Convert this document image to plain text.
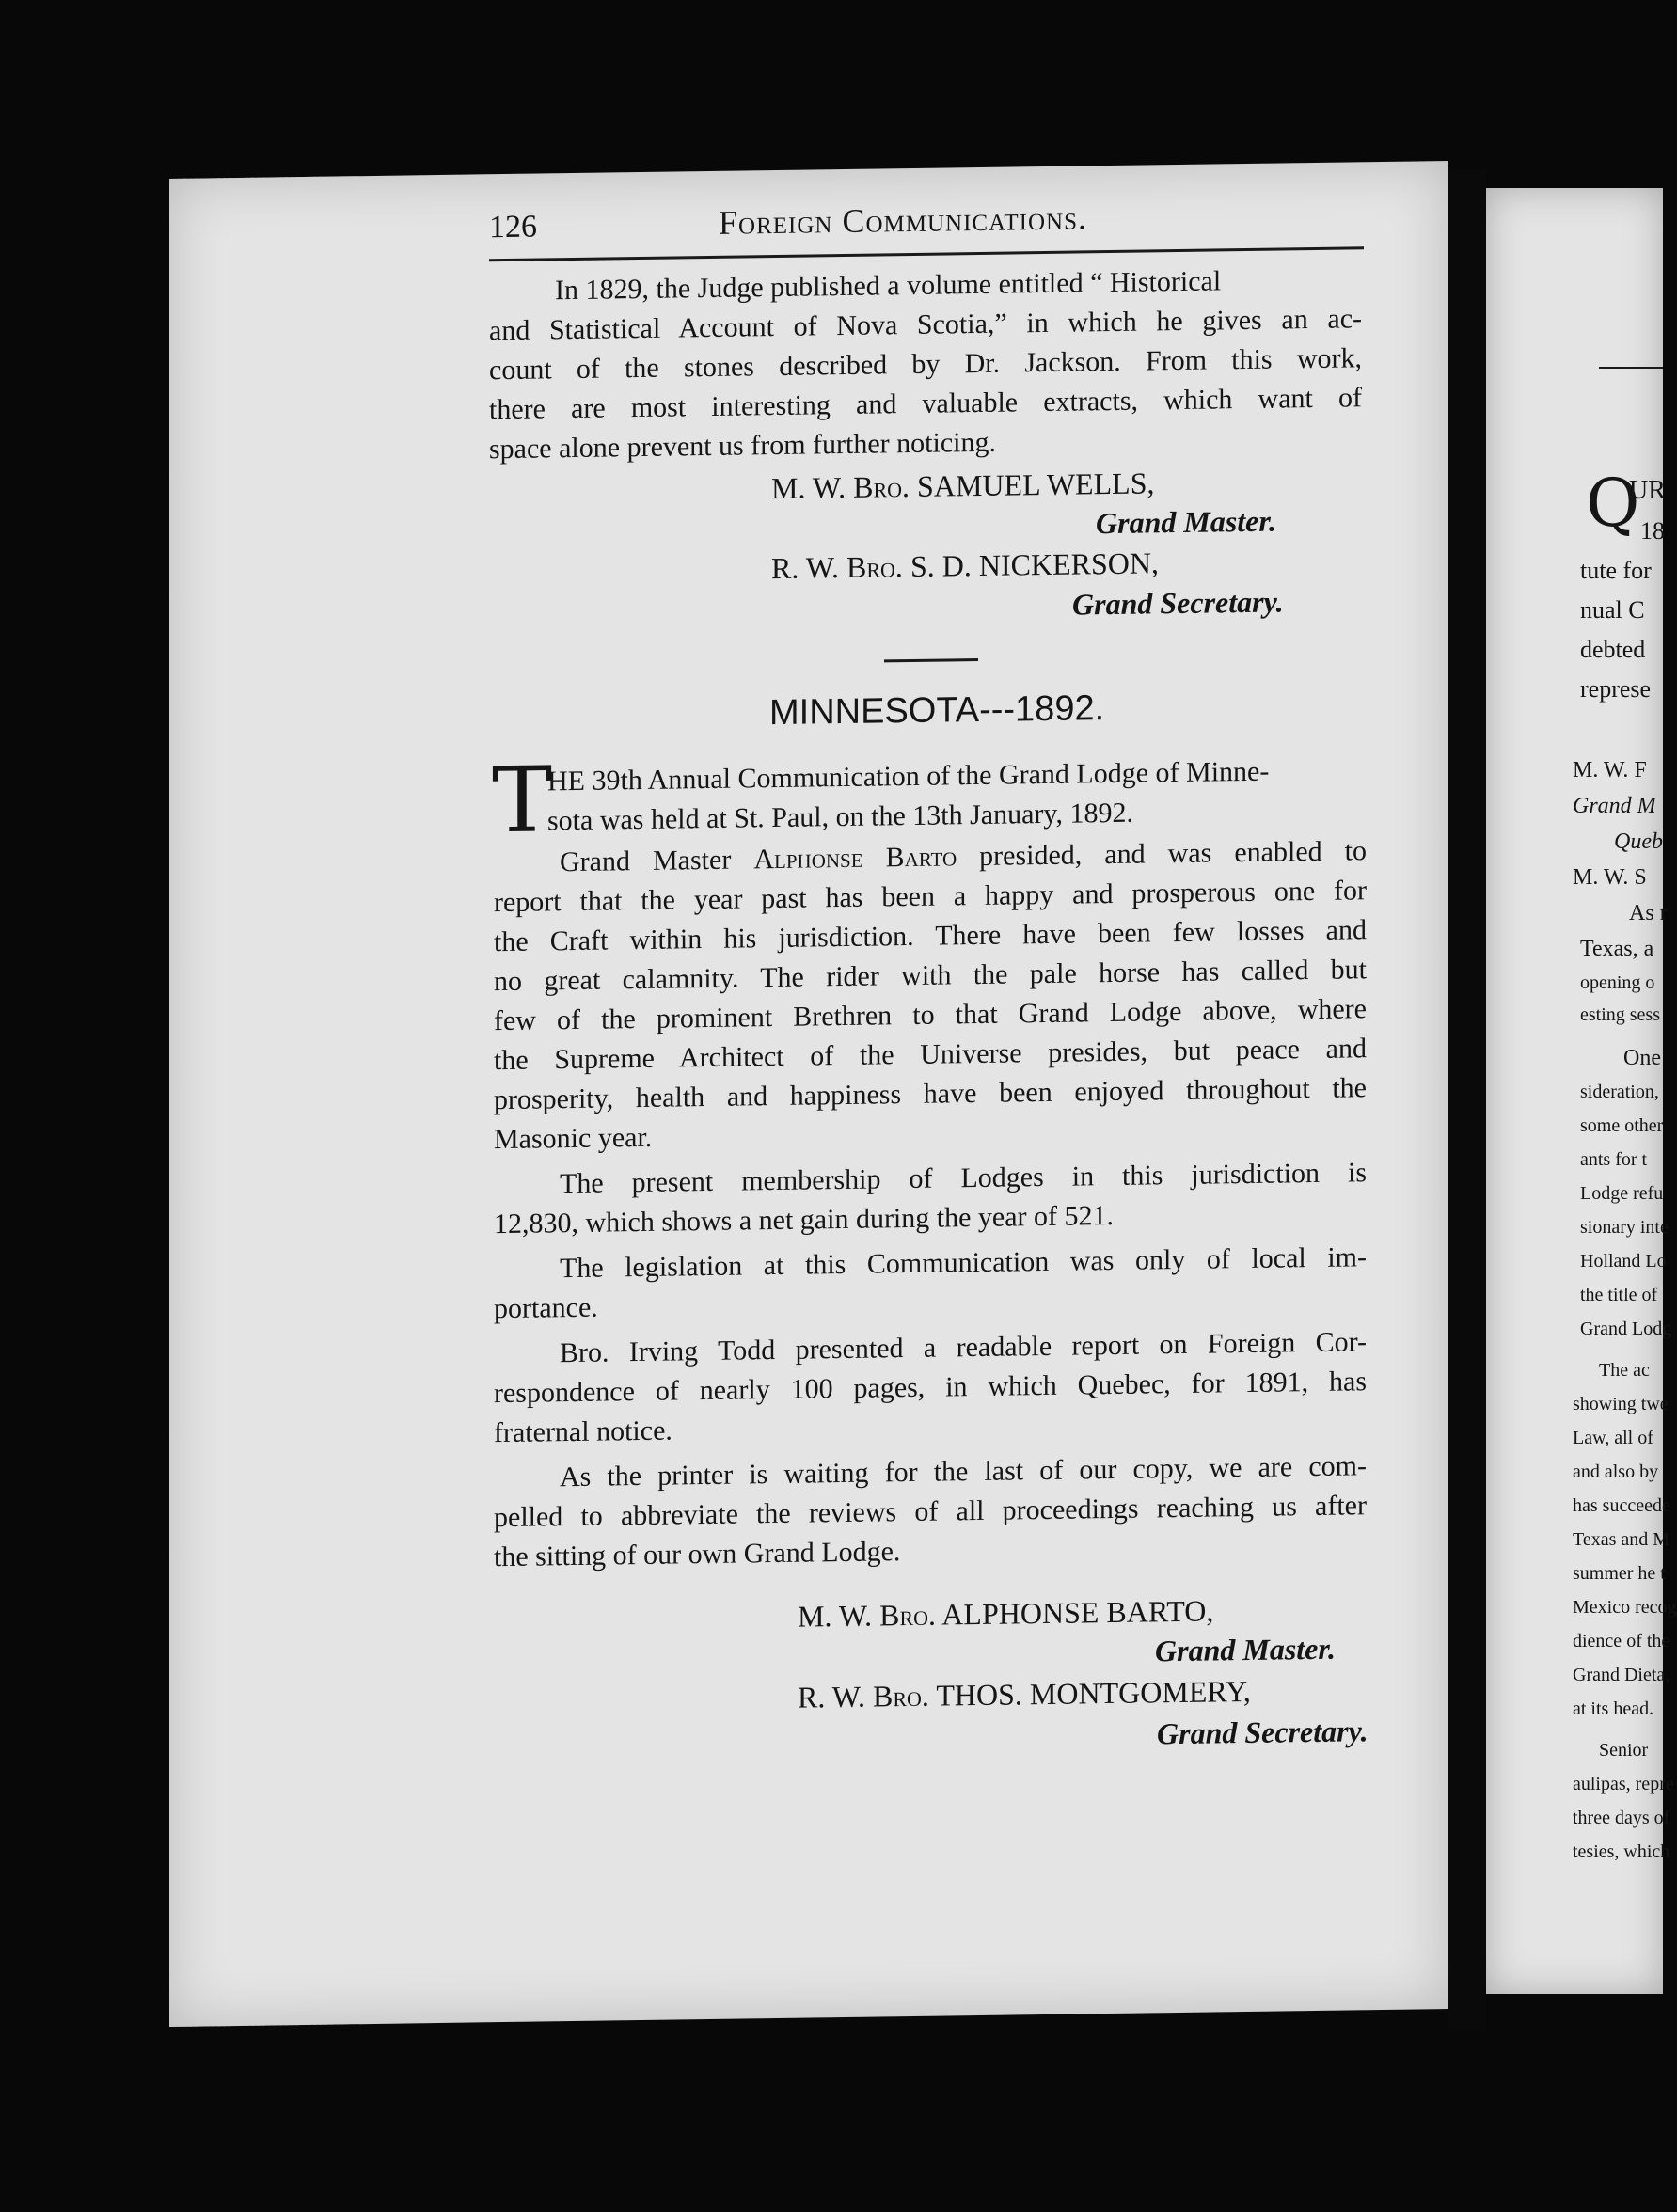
126	Foreign Communications.
In 1829, the Judge published a volume entitled “ Historical
and Statistical Account of Nova Scotia,” in which he gives an ac-
count of the stones described by Dr. Jackson. From this work,
there are most interesting and valuable extracts, which want of
space alone prevent us from further noticing.
M. W. Bro. SAMUEL WELLS,
Grand Master.
R. W. Bro. S. D. NICKERSON,
Grand Secretary.
MINNESOTA---1892.
T
HE 39th Annual Communication of the Grand Lodge of Minne-
sota was held at St. Paul, on the 13th January, 1892.
Grand Master Alphonse Barto presided, and was enabled to
report that the year past has been a happy and prosperous one for
the Craft within his jurisdiction. There have been few losses and
no great calamnity. The rider with the pale horse has called but
few of the prominent Brethren to that Grand Lodge above, where
the Supreme Architect of the Universe presides, but peace and
prosperity, health and happiness have been enjoyed throughout the
Masonic year.
The present membership of Lodges in this jurisdiction is
12,830, which shows a net gain during the year of 521.
The legislation at this Communication was only of local im-
portance.
Bro. Irving Todd presented a readable report on Foreign Cor-
respondence of nearly 100 pages, in which Quebec, for 1891, has
fraternal notice.
As the printer is waiting for the last of our copy, we are com-
pelled to abbreviate the reviews of all proceedings reaching us after
the sitting of our own Grand Lodge.
M. W. Bro. ALPHONSE BARTO,
Grand Master.
R. W. Bro. THOS. MONTGOMERY,
Grand Secretary.
Q
UR
18
tute for
nual C
debted
represe
M. W. F
Grand M
Queb
M. W. S
As r
Texas, a
opening o
esting sess
One
sideration,
some other
ants for t
Lodge refu
sionary inte
Holland Lo
the title of
Grand Lodg
The ac
showing twe
Law, all of
and also by
has succeede
Texas and M
summer he t
Mexico recog
dience of the
Grand Dieta,
at its head.
Senior
aulipas, repre
three days of
tesies, which
